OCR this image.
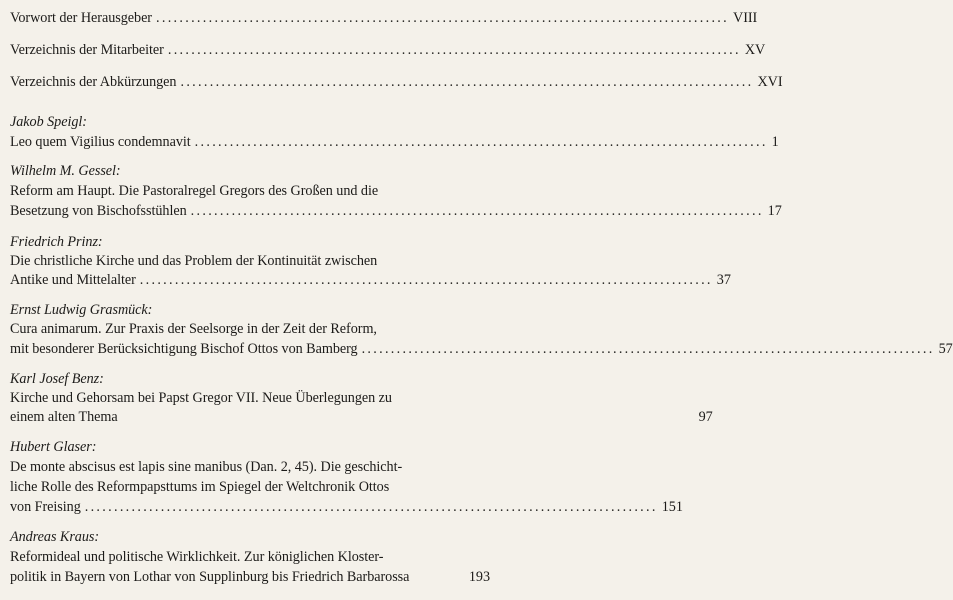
Vorwort der Herausgeber .................................................................................................. VIII
Verzeichnis der Mitarbeiter .................................................................................................. XV
Verzeichnis der Abkürzungen .................................................................................................. XVI
Jakob Speigl:
Leo quem Vigilius condemnavit .................................................................................................. 1
Wilhelm M. Gessel:
Reform am Haupt. Die Pastoralregel Gregors des Großen und die
Besetzung von Bischofsstühlen .................................................................................................. 17
Friedrich Prinz:
Die christliche Kirche und das Problem der Kontinuität zwischen
Antike und Mittelalter .................................................................................................. 37
Ernst Ludwig Grasmück:
Cura animarum. Zur Praxis der Seelsorge in der Zeit der Reform,
mit besonderer Berücksichtigung Bischof Ottos von Bamberg .................................................................................................. 57
Karl Josef Benz:
Kirche und Gehorsam bei Papst Gregor VII. Neue Überlegungen zu
einem alten Thema	97
Hubert Glaser:
De monte abscisus est lapis sine manibus (Dan. 2, 45). Die geschicht-
liche Rolle des Reformpapsttums im Spiegel der Weltchronik Ottos
von Freising .................................................................................................. 151
Andreas Kraus:
Reformideal und politische Wirklichkeit. Zur königlichen Kloster-
politik in Bayern von Lothar von Supplinburg bis Friedrich Barbarossa	193
